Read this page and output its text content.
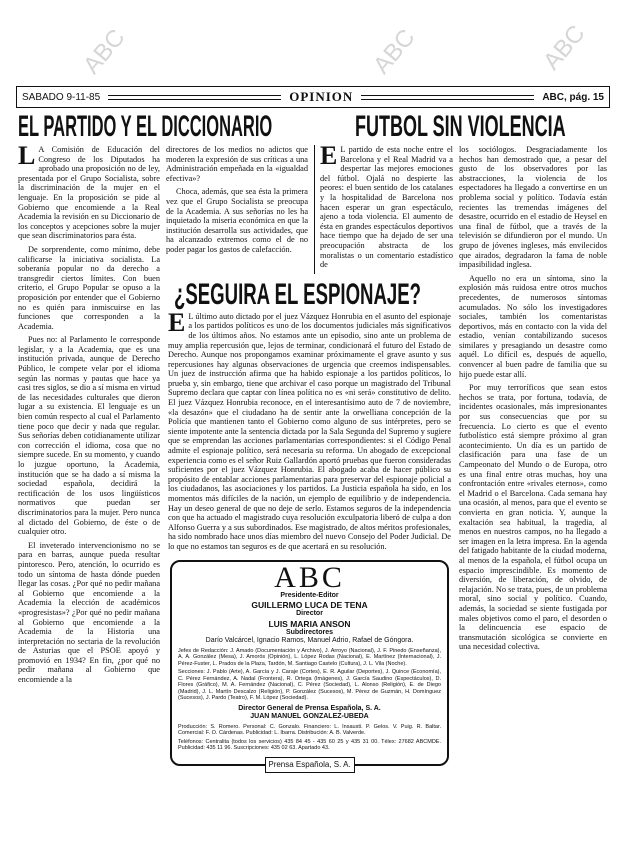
ABC	ABC	ABC
SABADO 9-11-85	OPINION	ABC, pág. 15
EL PARTIDO Y EL DICCIONARIO	FUTBOL SIN VIOLENCIA

L A Comisión de Educación del Congreso de los Diputados ha aprobado una proposición no de ley, presentada por el Grupo Socialista, sobre la discriminación de la mujer en el lenguaje. En la proposición se pide al Gobierno que encomiende a la Real Academia la revisión en su Diccionario de los conceptos y acepciones sobre la mujer que sean discriminatorios para ésta.

De sorprendente, como mínimo, debe calificarse la iniciativa socialista. La soberanía popular no da derecho a transgredir ciertos límites. Con buen criterio, el Grupo Popular se opuso a la proposición por entender que el Gobierno no es quién para inmiscuirse en las funciones que corresponden a la Academia.

Pues no: al Parlamento le corresponde legislar, y a la Academia, que es una institución privada, aunque de Derecho Público, le compete velar por el idioma según las normas y pautas que hace ya casi tres siglos, se dio a sí misma en virtud de las necesidades culturales que dieron lugar a su existencia. El lenguaje es un bien común respecto al cual el Parlamento tiene poco que decir y nada que regular. Sus señorías deben cotidianamente utilizar con corrección el idioma, cosa que no siempre sucede. En su momento, y cuando lo juzgue oportuno, la Academia, institución que se ha dado a sí misma la sociedad española, decidirá la rectificación de los usos lingüísticos normativos que puedan ser discriminatorios para la mujer. Pero nunca al dictado del Gobierno, de éste o de cualquier otro.

El inveterado intervencionismo no se para en barras, aunque pueda resultar pintoresco. Pero, atención, lo ocurrido es todo un síntoma de hasta dónde pueden llegar las cosas. ¿Por qué no pedir mañana al Gobierno que encomiende a la Academia la elección de académicos «progresistas»? ¿Por qué no pedir mañana al Gobierno que encomiende a la Academia de la Historia una interpretación no sectaria de la revolución de Asturias que el PSOE apoyó y promovió en 1934? En fin, ¿por qué no pedir mañana al Gobierno que encomiende a la

directores de los medios no adictos que moderen la expresión de sus críticas a una Administración empeñada en la «igualdad efectiva»?

Choca, además, que sea ésta la primera vez que el Grupo Socialista se preocupa de la Academia. A sus señorías no les ha inquietado la miseria económica en que la institución desarrolla sus actividades, que ha alcanzado extremos como el de no poder pagar los gastos de calefacción.

E L partido de esta noche entre el Barcelona y el Real Madrid va a despertar las mejores emociones del fútbol. Ojalá no despierte las peores: el buen sentido de los catalanes y la hospitalidad de Barcelona nos hacen esperar un gran espectáculo, ajeno a toda violencia. El aumento de ésta en grandes espectáculos deportivos hace tiempo que ha dejado de ser una preocupación abstracta de los moralistas o un comentario estadístico de

¿SEGUIRA EL ESPIONAJE?

E L último auto dictado por el juez Vázquez Honrubia en el asunto del espionaje a los partidos políticos es uno de los documentos judiciales más significativos de los últimos años. No estamos ante un episodio, sino ante un problema de muy amplia repercusión que, lejos de terminar, condicionará el futuro del Estado de Derecho. Aunque nos propongamos examinar próximamente el grave asunto y sus repercusiones hay algunas observaciones de urgencia que creemos indispensables. Un juez de instrucción afirma que ha habido espionaje a los partidos políticos, lo prueba y, sin embargo, tiene que archivar el caso porque un magistrado del Tribunal Supremo declara que captar con línea política no es «ni será» constitutivo de delito. El juez Vázquez Honrubia reconoce, en el interesantísimo auto de 7 de noviembre, «la desazón» que el ciudadano ha de sentir ante la orwelliana concepción de la Policía que mantienen tanto el Gobierno como alguno de sus intérpretes, pero se siente impotente ante la sentencia dictada por la Sala Segunda del Supremo y sugiere que se emprendan las acciones parlamentarias correspondientes: si el Código Penal admite el espionaje político, será necesaria su reforma. Un abogado de excepcional experiencia como es el señor Ruiz Gallardón aportó pruebas que fueron consideradas suficientes por el juez Vázquez Honrubia. El abogado acaba de hacer público su propósito de entablar acciones parlamentarias para preservar del espionaje policial a los ciudadanos, las asociaciones y los partidos. La Justicia española ha sido, en los momentos más difíciles de la nación, un ejemplo de equilibrio y de independencia. Hay un deseo general de que no deje de serlo. Estamos seguros de la independencia con que ha actuado el magistrado cuya resolución exculpatoria liberó de culpa a don Alfonso Guerra y a sus subordinados. Ese magistrado, de altos méritos profesionales, ha sido nombrado hace unos días miembro del nuevo Consejo del Poder Judicial. De lo que no estamos tan seguros es de que acertará en su resolución.

ABC
Presidente-Editor
GUILLERMO LUCA DE TENA
Director
LUIS MARIA ANSON
Subdirectores
Darío Valcárcel, Ignacio Ramos, Manuel Adrio, Rafael de Góngora.
Jefes de Redacción: J. Amado (Documentación y Archivo), J. Arroyo (Nacional), J. F. Pinedo (Enseñanza), A. A. González (Mesa), J. Amorós (Opinión), L. López Rodas (Nacional), E. Martínez (Internacional), J. Pérez-Fuster, L. Prados de la Plaza, Tardón, M. Santiago Castelo (Cultura), J. L. Vila (Noche).
Secciones: J. Pablo (Arte), A. García y J. Caraje (Cortes), E. R. Aguilar (Deportes), J. Quince (Economía), C. Pérez Fernández, A. Nadal (Frontera), R. Ortega (Imágenes), J. García Saudino (Espectáculos), D. Flores (Gráfico), M. A. Fernández (Nacional), C. Pérez (Sociedad), L. Alonso (Religión), E. de Diego (Madrid), J. L. Martín Descalzo (Religión), P. González (Sucesos), M. Pérez de Guzmán, H. Domínguez (Sucesos), J. Pardo (Teatro), F. M. López (Sociedad).
Director General de Prensa Española, S. A.
JUAN MANUEL GONZALEZ-UBEDA
Producción: S. Romero. Personal: C. Gonzalo. Financiero: L. Insausti. P. Gelos. V. Puig. R. Baltar. Comercial: F. O. Cárdenas. Publicidad: L. Ibarra. Distribución: A. B. Valverde.
Teléfonos: Centralita (todos los servicios) 435 84 45 - 435 60 25 y 435 31 00. Télex: 27682 ABCMDE. Publicidad: 435 11 96. Suscripciones: 435 02 63. Apartado 43.
Prensa Española, S. A.

los sociólogos. Desgraciadamente los hechos han demostrado que, a pesar del gusto de los observadores por las abstracciones, la violencia de los espectadores ha llegado a convertirse en un problema social y político. Todavía están recientes las tremendas imágenes del desastre, ocurrido en el estadio de Heysel en una final de fútbol, que a través de la televisión se difundieron por el mundo. Un grupo de jóvenes ingleses, más envilecidos que airados, degradaron la fama de noble impasibilidad inglesa.

Aquello no era un síntoma, sino la explosión más ruidosa entre otros muchos precedentes, de numerosos síntomas acumulados. No sólo los investigadores sociales, también los comentaristas deportivos, más en contacto con la vida del estadio, venían contabilizando sucesos similares y presagiando un desastre como aquél. Lo difícil es, después de aquello, convencer al buen padre de familia que su hijo puede estar allí.

Por muy terroríficos que sean estos hechos se trata, por fortuna, todavía, de incidentes ocasionales, más impresionantes por sus consecuencias que por su frecuencia. Lo cierto es que el evento futbolístico está siempre próximo al gran acontecimiento. Un día es un partido de clasificación para una fase de un Campeonato del Mundo o de Europa, otro es una final entre otras muchas, hoy una confrontación entre «rivales eternos», como el Madrid o el Barcelona. Cada semana hay una ocasión, al menos, para que el evento se convierta en gran noticia. Y, aunque la exaltación sea habitual, la tragedia, al menos en nuestros campos, no ha llegado a ser imagen en la letra impresa. En la agenda del fatigado habitante de la ciudad moderna, al menos de la española, el fútbol ocupa un espacio imprescindible. Es momento de diversión, de liberación, de olvido, de relajación. No se trata, pues, de un problema moral, sino social y político. Cuando, además, la sociedad se siente fustigada por males objetivos como el paro, el desorden o la delincuencia ese espacio de transmutación sicológica se convierte en una necesidad colectiva.
